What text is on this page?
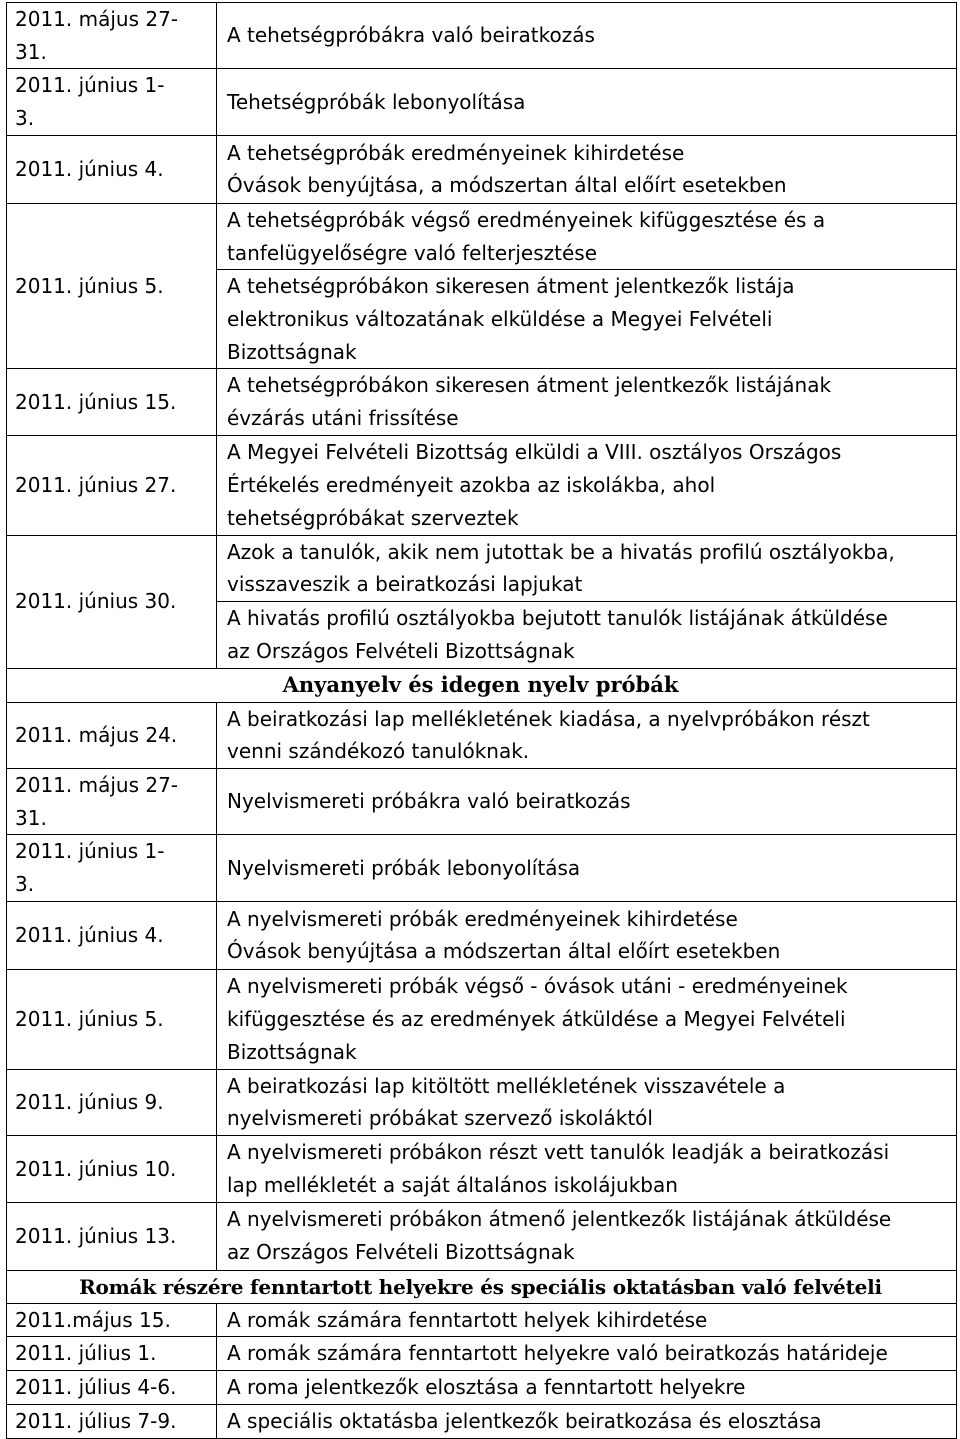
2011. május 27-
31.	A tehetségpróbákra való beiratkozás
2011. június 1-
3.	Tehetségpróbák lebonyolítása
2011. június 4.	A tehetségpróbák eredményeinek kihirdetése
Óvások benyújtása, a módszertan által előírt esetekben
2011. június 5.	A tehetségpróbák végső eredményeinek kifüggesztése és a
tanfelügyelőségre való felterjesztése
	A tehetségpróbákon sikeresen átment jelentkezők listája
elektronikus változatának elküldése a Megyei Felvételi
Bizottságnak
2011. június 15.	A tehetségpróbákon sikeresen átment jelentkezők listájának
évzárás utáni frissítése
2011. június 27.	A Megyei Felvételi Bizottság elküldi a VIII. osztályos Országos
Értékelés eredményeit azokba az iskolákba, ahol
tehetségpróbákat szerveztek
2011. június 30.	Azok a tanulók, akik nem jutottak be a hivatás profilú osztályokba,
visszaveszik a beiratkozási lapjukat
	A hivatás profilú osztályokba bejutott tanulók listájának átküldése
az Országos Felvételi Bizottságnak
Anyanyelv és idegen nyelv próbák	
2011. május 24.	A beiratkozási lap mellékletének kiadása, a nyelvpróbákon részt
venni szándékozó tanulóknak.
2011. május 27-
31.	Nyelvismereti próbákra való beiratkozás
2011. június 1-
3.	Nyelvismereti próbák lebonyolítása
2011. június 4.	A nyelvismereti próbák eredményeinek kihirdetése
Óvások benyújtása a módszertan által előírt esetekben
2011. június 5.	A nyelvismereti próbák végső - óvások utáni - eredményeinek
kifüggesztése és az eredmények átküldése a Megyei Felvételi
Bizottságnak
2011. június 9.	A beiratkozási lap kitöltött mellékletének visszavétele a
nyelvismereti próbákat szervező iskoláktól
2011. június 10.	A nyelvismereti próbákon részt vett tanulók leadják a beiratkozási
lap mellékletét a saját általános iskolájukban
2011. június 13.	A nyelvismereti próbákon átmenő jelentkezők listájának átküldése
az Országos Felvételi Bizottságnak
Romák részére fenntartott helyekre és speciális oktatásban való felvételi	
2011.május 15.	A romák számára fenntartott helyek kihirdetése
2011. július 1.	A romák számára fenntartott helyekre való beiratkozás határideje
2011. július 4-6.	A roma jelentkezők elosztása a fenntartott helyekre
2011. július 7-9.	A speciális oktatásba jelentkezők beiratkozása és elosztása
